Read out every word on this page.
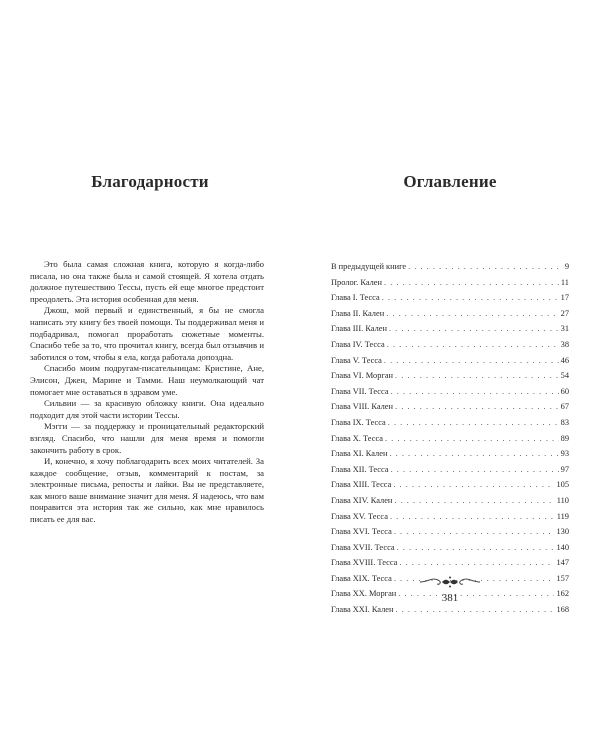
Благодарности

Это была самая сложная книга, которую я когда-либо писала, но она также была и самой стоящей. Я хотела отдать должное путешествию Тессы, пусть ей еще многое предстоит преодолеть. Эта история особенная для меня.

Джош, мой первый и единственный, я бы не смогла написать эту книгу без твоей помощи. Ты поддерживал меня и подбадривал, помогал проработать сюжетные моменты. Спасибо тебе за то, что прочитал книгу, всегда был отзывчив и заботился о том, чтобы я ела, когда работала допоздна.

Спасибо моим подругам-писательницам: Кристине, Ане, Элисон, Джен, Марине и Тамми. Наш неумолкающий чат помогает мне оставаться в здравом уме.

Сильвии — за красивую обложку книги. Она идеально подходит для этой части истории Тессы.

Мэгги — за поддержку и проницательный редакторский взгляд. Спасибо, что нашли для меня время и помогли закончить работу в срок.

И, конечно, я хочу поблагодарить всех моих читателей. За каждое сообщение, отзыв, комментарий к постам, за электронные письма, репосты и лайки. Вы не представляете, как много ваше внимание значит для меня. Я надеюсь, что вам понравится эта история так же сильно, как мне нравилось писать ее для вас.

Оглавление
В предыдущей книге . . .	9
Пролог. Кален . . .	11
Глава I. Тесса . . .	17
Глава II. Кален . . .	27
Глава III. Кален . . .	31
Глава IV. Тесса . . .	38
Глава V. Тесса . . .	46
Глава VI. Морган . . .	54
Глава VII. Тесса . . .	60
Глава VIII. Кален . . .	67
Глава IX. Тесса . . .	83
Глава X. Тесса . . .	89
Глава XI. Кален . . .	93
Глава XII. Тесса . . .	97
Глава XIII. Тесса . . .	105
Глава XIV. Кален . . .	110
Глава XV. Тесса . . .	119
Глава XVI. Тесса . . .	130
Глава XVII. Тесса . . .	140
Глава XVIII. Тесса . . .	147
Глава XIX. Тесса . . .	157
Глава XX. Морган . . .	162
Глава XXI. Кален . . .	168
381
